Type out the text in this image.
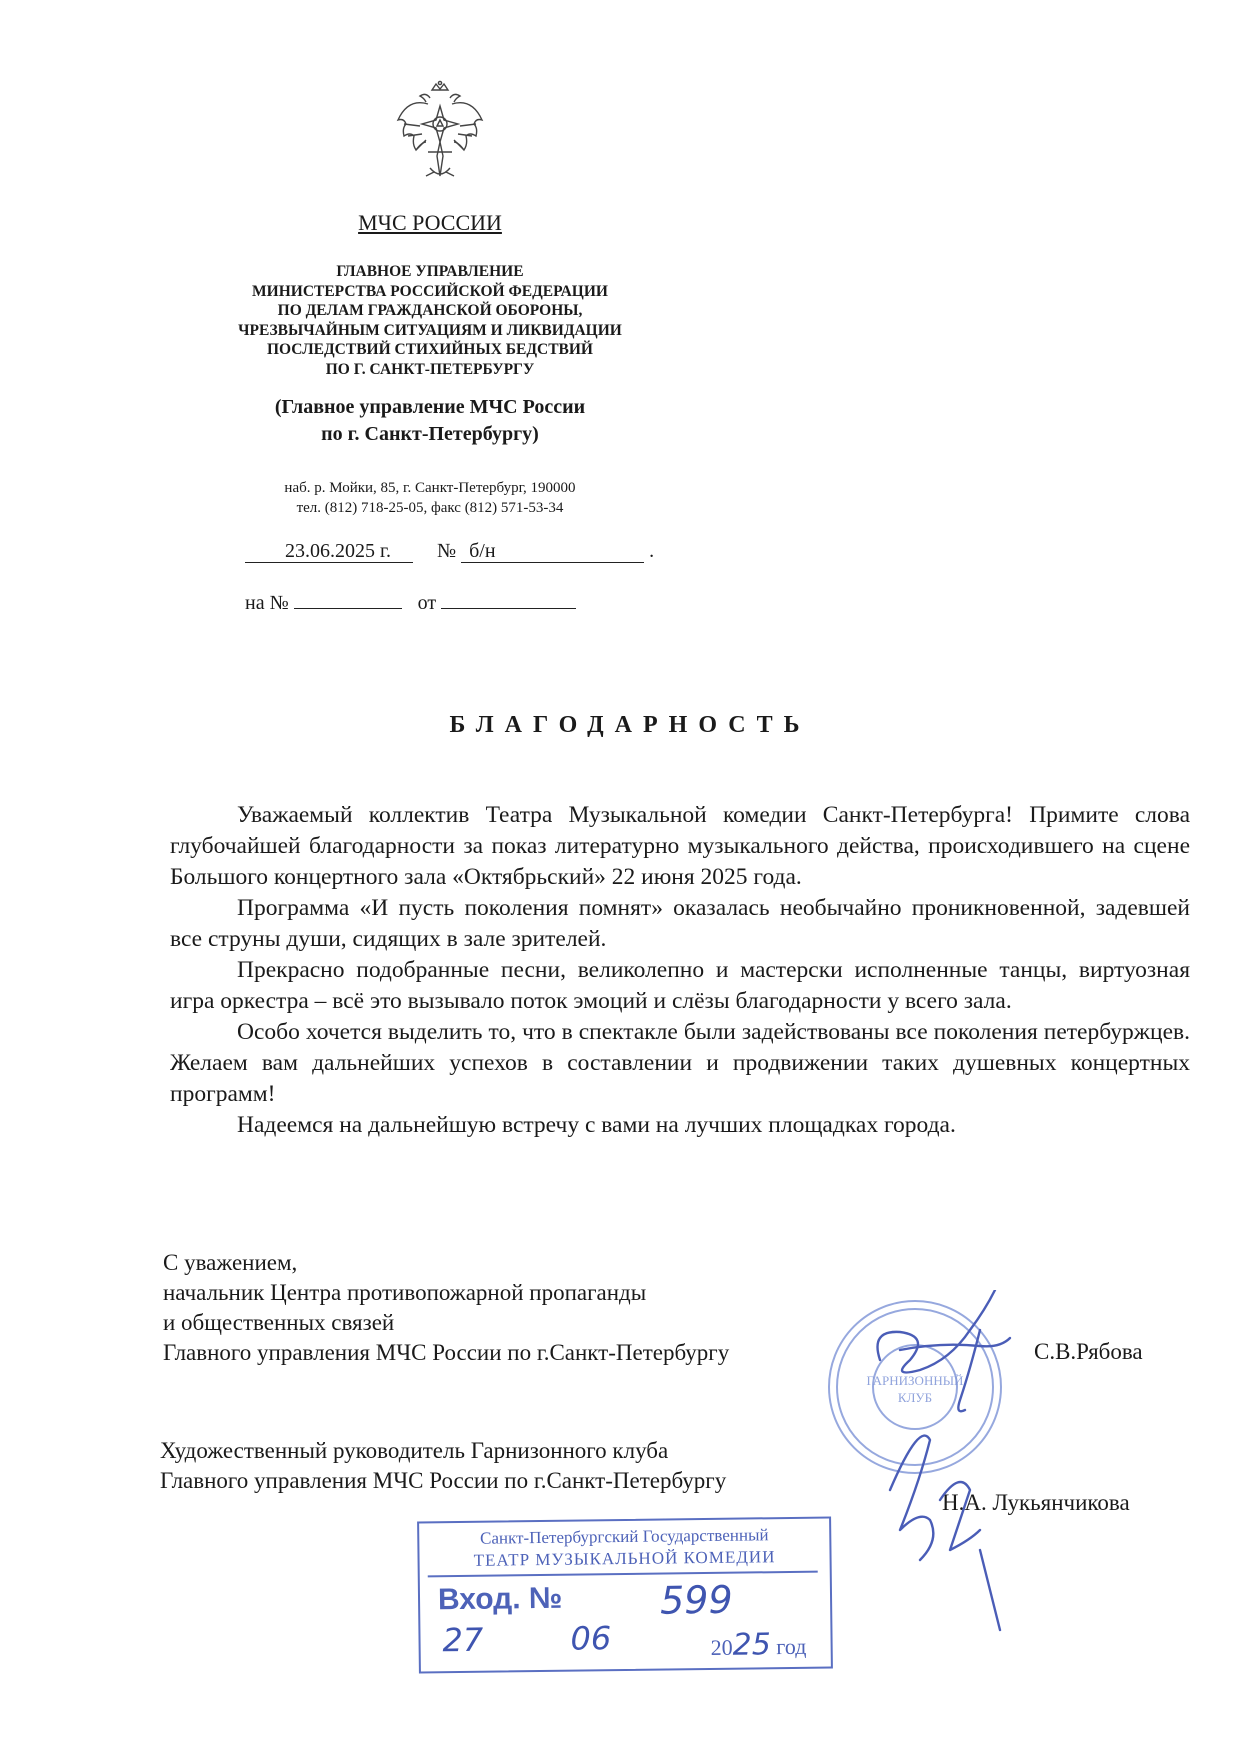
МЧС РОССИИ
ГЛАВНОЕ УПРАВЛЕНИЕ
МИНИСТЕРСТВА РОССИЙСКОЙ ФЕДЕРАЦИИ
ПО ДЕЛАМ ГРАЖДАНСКОЙ ОБОРОНЫ,
ЧРЕЗВЫЧАЙНЫМ СИТУАЦИЯМ И ЛИКВИДАЦИИ
ПОСЛЕДСТВИЙ СТИХИЙНЫХ БЕДСТВИЙ
ПО Г. САНКТ-ПЕТЕРБУРГУ
(Главное управление МЧС России
по г. Санкт-Петербургу)
наб. р. Мойки, 85, г. Санкт-Петербург, 190000
тел. (812) 718-25-05, факс (812) 571-53-34
23.06.2025 г. № б/н	.
на №	от
БЛАГОДАРНОСТЬ

Уважаемый коллектив Театра Музыкальной комедии Санкт-Петербурга! Примите слова глубочайшей благодарности за показ литературно музыкального действа, происходившего на сцене Большого концертного зала «Октябрьский» 22 июня 2025 года.

Программа «И пусть поколения помнят» оказалась необычайно проникновенной, задевшей все струны души, сидящих в зале зрителей.

Прекрасно подобранные песни, великолепно и мастерски исполненные танцы, виртуозная игра оркестра – всё это вызывало поток эмоций и слёзы благодарности у всего зала.

Особо хочется выделить то, что в спектакле были задействованы все поколения петербуржцев. Желаем вам дальнейших успехов в составлении и продвижении таких душевных концертных программ!

Надеемся на дальнейшую встречу с вами на лучших площадках города.

С уважением,
начальник Центра противопожарной пропаганды
и общественных связей
Главного управления МЧС России по г.Санкт-Петербургу	С.В.Рябова
Художественный руководитель Гарнизонного клуба
Главного управления МЧС России по г.Санкт-Петербургу
Н.А. Лукьянчикова
ГАРНИЗОННЫЙ
КЛУБ
Санкт-Петербургский Государственный
ТЕАТР МУЗЫКАЛЬНОЙ КОМЕДИИ
Вход. №	599
27	06	2025 год
